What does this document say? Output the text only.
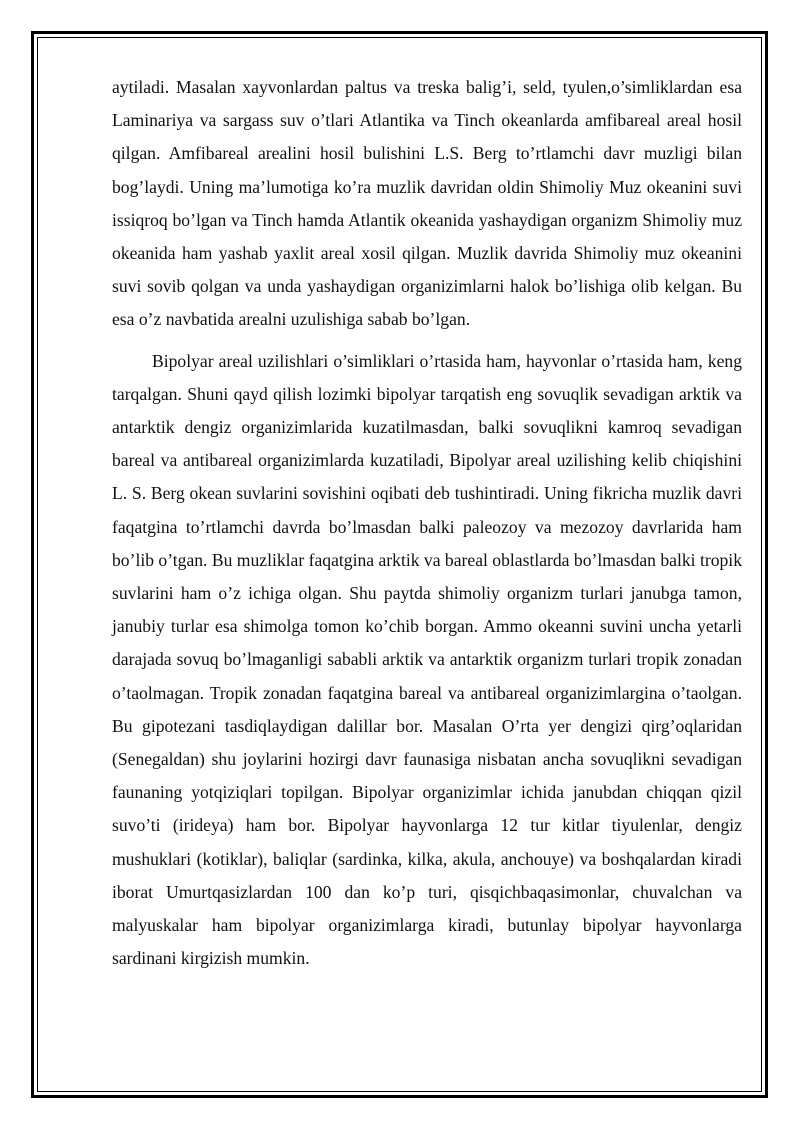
aytiladi. Masalan xayvonlardan paltus va treska balig’i, seld, tyulen,o’simliklardan esa Laminariya va sargass suv o’tlari Atlantika va Tinch okeanlarda amfibareal areal hosil qilgan. Amfibareal arealini hosil bulishini L.S. Berg to’rtlamchi davr muzligi bilan bog’laydi. Uning ma’lumotiga ko’ra muzlik davridan oldin Shimoliy Muz okeanini suvi issiqroq bo’lgan va Tinch hamda Atlantik okeanida yashaydigan organizm Shimoliy muz okeanida ham yashab yaxlit areal xosil qilgan. Muzlik davrida Shimoliy muz okeanini suvi sovib qolgan va unda yashaydigan organizimlarni halok bo’lishiga olib kelgan. Bu esa o’z navbatida arealni uzulishiga sabab bo’lgan.

Bipolyar areal uzilishlari o’simliklari o’rtasida ham, hayvonlar o’rtasida ham, keng tarqalgan. Shuni qayd qilish lozimki bipolyar tarqatish eng sovuqlik sevadigan arktik va antarktik dengiz organizimlarida kuzatilmasdan, balki sovuqlikni kamroq sevadigan bareal va antibareal organizimlarda kuzatiladi, Bipolyar areal uzilishing kelib chiqishini L. S. Berg okean suvlarini sovishini oqibati deb tushintiradi. Uning fikricha muzlik davri faqatgina to’rtlamchi davrda bo’lmasdan balki paleozoy va mezozoy davrlarida ham bo’lib o’tgan. Bu muzliklar faqatgina arktik va bareal oblastlarda bo’lmasdan balki tropik suvlarini ham o’z ichiga olgan. Shu paytda shimoliy organizm turlari janubga tamon, janubiy turlar esa shimolga tomon ko’chib borgan. Ammo okeanni suvini uncha yetarli darajada sovuq bo’lmaganligi sababli arktik va antarktik organizm turlari tropik zonadan o’taolmagan. Tropik zonadan faqatgina bareal va antibareal organizimlargina o’taolgan. Bu gipotezani tasdiqlaydigan dalillar bor. Masalan O’rta yer dengizi qirg’oqlaridan (Senegaldan) shu joylarini hozirgi davr faunasiga nisbatan ancha sovuqlikni sevadigan faunaning yotqiziqlari topilgan. Bipolyar organizimlar ichida janubdan chiqqan qizil suvo’ti (irideya) ham bor. Bipolyar hayvonlarga 12 tur kitlar tiyulenlar, dengiz mushuklari (kotiklar), baliqlar (sardinka, kilka, akula, anchouye) va boshqalardan kiradi iborat Umurtqasizlardan 100 dan ko’p turi, qisqichbaqasimonlar, chuvalchan va malyuskalar ham bipolyar organizimlarga kiradi, butunlay bipolyar hayvonlarga sardinani kirgizish mumkin.
